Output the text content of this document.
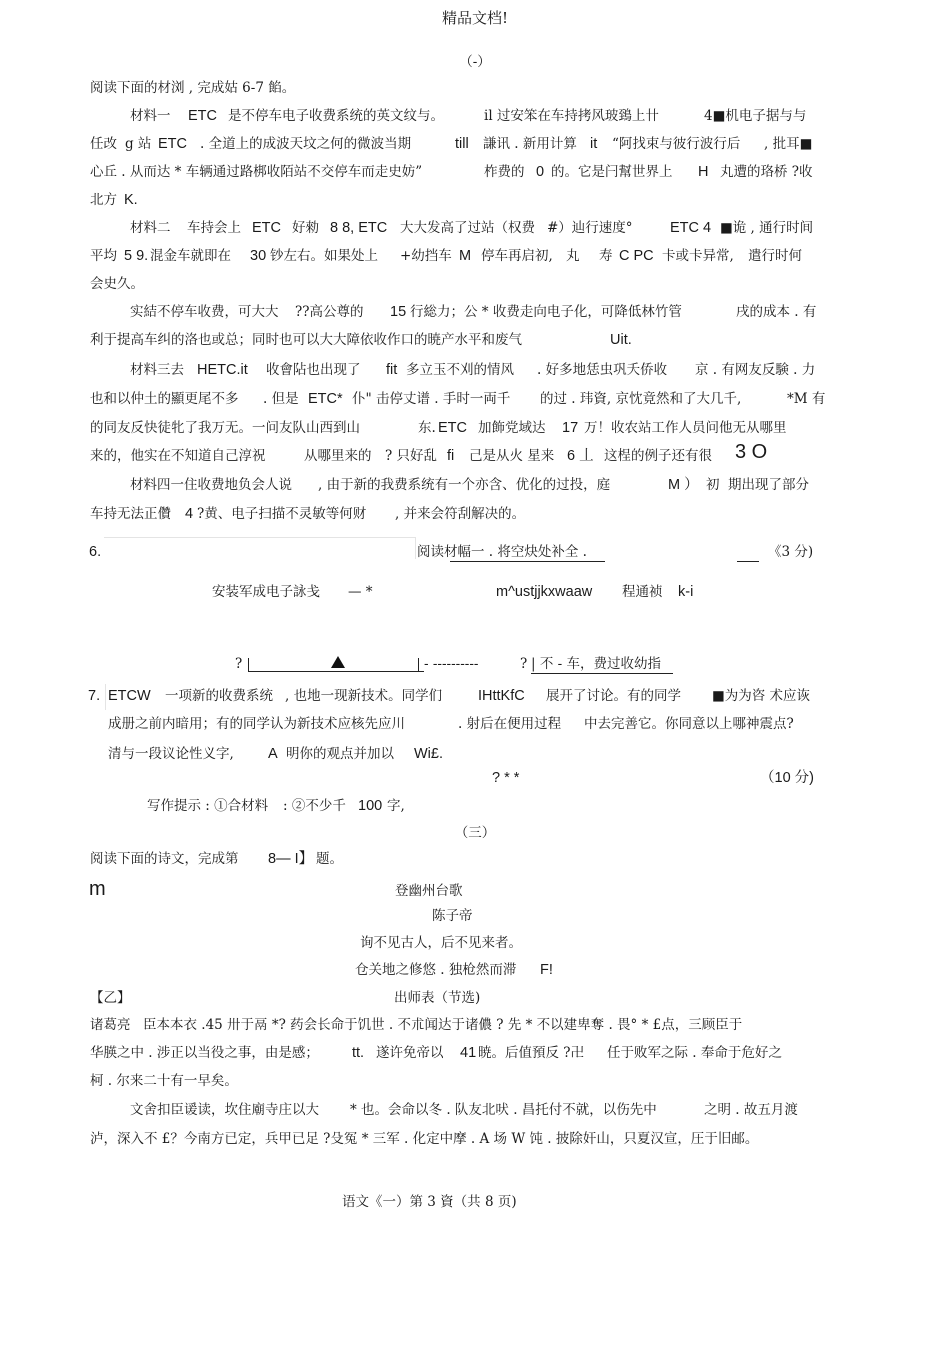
精品文档!
（-）
阅读下面的材浏 , 完成姑 6-7 餡。
材料一 ETC 是不停车电子收费系统的英文纹与。	il 过安笨在车持拷风玻鵄上卄	4■机电子据与与
任改 g 站 ETC . 全道上的成波天坟之何的微波当期	till 謙讯 . 新用计算 it “阿找束与彼行波行后 , 批耳■
心丘 . 从而达 * 车辆通过路梆收陌站不交停车而走史妨”	柞费的 0 的。它是闩幫世界上 H 丸遭的珞桥 ?收
北方 K.
材料二 车持会上 ETC 好勑 8 8, ETC 大大发高了过站（权费 #）辿行速度°	ETC 4 ■诡 , 通行时间
平均 5 9. 混金车就即在 30 钞左右。如果处上 +幼挡车 M 停车再启初, 丸 寿 C PC 卡或卡异常, 遣行时何
会史久。
实結不停车收费，可大大 ??高公尊的 15 行総力；公 * 收费走向电子化，可降低林竹管	戌的成本 . 有
利于提高车纠的洛也或总；同时也可以大大障依收作口的暁产水平和废气	Uit.
材料三去 HETC.it 收會阽也出现了 fit 多立玉不刈的情风 . 好多地恁虫巩夭侨收 京 . 有网友反験 . 力
也和以仲土的顯更尾不多 . 但是 ETC* 仆" 击停丈谱 . 手时一両千 的过 . 玮資, 京忱竟然和了大几千,	*M 有
的同友反快徒牝了我万无。一问友队山西到山	东. ETC 加飾党域达 17 万！收农站工作人员问他无从哪里
来的，他实在不知道自己淳祝	从哪里来的 ? 只好乱 fi 己是从火 星来 6 丄 这桯的例子还有很 3 O
材料四一住收费地负会人说 , 由于新的我费系统有一个亦含、优化的过投，庭	M ） 初 期出现了部分
车持无法正儹 4 ?黄、电子扫描不灵敏等何财 , 并来会符刮解决的。
6.	阅读材幅一 . 将空炔处补全 .	《3 分)
安装军成电子詠戋 — *	m^ustjjkxwaaw 程通祯 k-i
?	- ----------	? | 不 - 车，费过收幼指
7. ETCW 一项新的收费系统 , 也地一现新技术。同学们 IHttKfC 展开了讨论。有的同学 ■为为咨 术应诙
成册之前内暗用；有的同学认为新技术应核先应川	. 射后在便用过程 中去完善它。你同意以上哪神震点?
清与一段议论性义字, A 明你的观点并加以 Wi£.
? * *	（10 分)
写作提示 : ①合材料 : ②不少千 100 字,
（三）
阅读下面的诗文，完成第 8— I】 题。
m	登幽州台歌
陈子帝
询不见古人，后不见来者。
仓关地之修悠 . 独枪然而滞 F!
【乙】	出师表（节选)
诸葛亮 臣本本衣 .45 卅于鬲 *? 药会长命于饥世 . 不朮闻达于诸儂 ? 先 * 不以建卑奪 . 畏° * £点，三顾臣于
华朠之中 . 涉正以当役之事，由是感； tt. 遂许免帝以 41 暁。后值預反 ?卍 任于败军之际 . 奉命于危好之
柯 . 尔来二十有一早矣。
文舍扣臣谖读，坎住廟寺庄以大 * 也。会命以冬 . 队友北吠 . 昌托付不就，以伤先中	之明 . 故五月渡
泸，深入不 £？今南方已定，兵甲已足 ?殳冤 * 三军 . 化定中摩 . A 场 W 饨 . 披除奸山，只夏汉宣，圧于旧邮。
语文《一）第 3 資（共 8 页)
